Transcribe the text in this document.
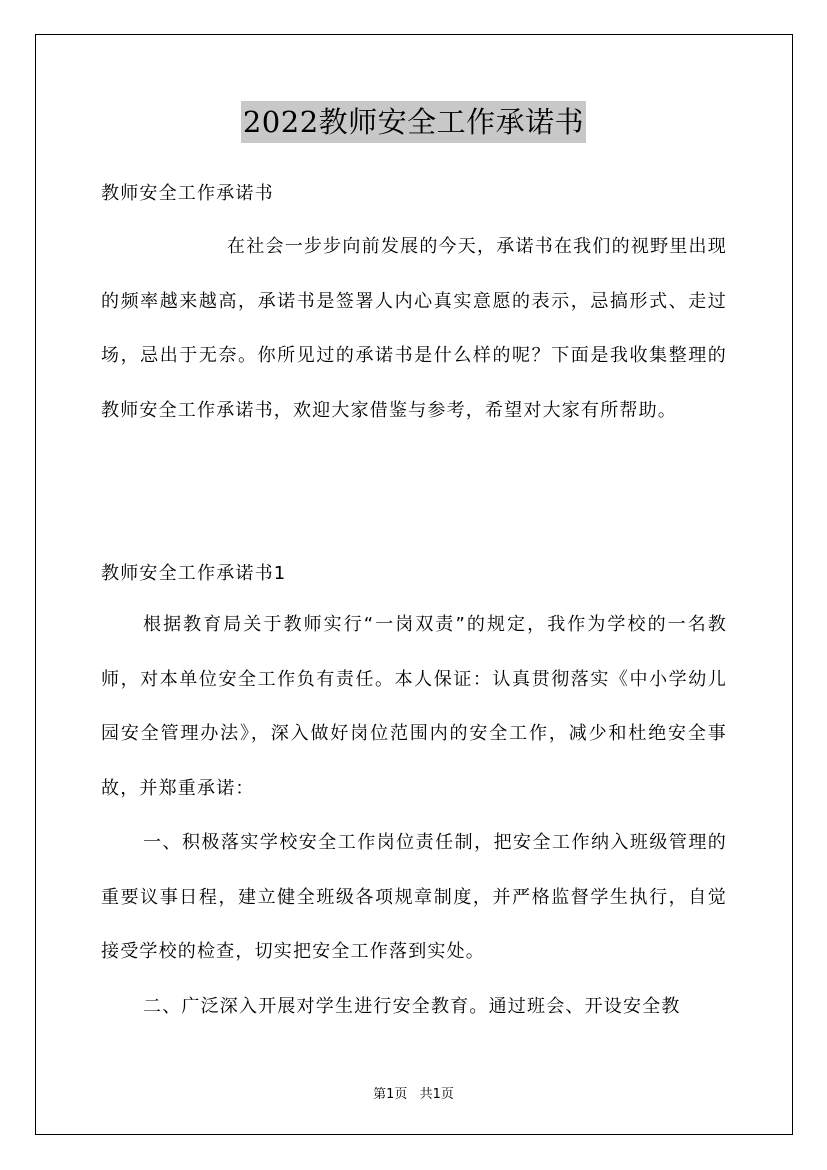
2022教师安全工作承诺书
教师安全工作承诺书

在社会一步步向前发展的今天，承诺书在我们的视野里出现的频率越来越高，承诺书是签署人内心真实意愿的表示，忌搞形式、走过场，忌出于无奈。你所见过的承诺书是什么样的呢？下面是我收集整理的教师安全工作承诺书，欢迎大家借鉴与参考，希望对大家有所帮助。

教师安全工作承诺书1

根据教育局关于教师实行“一岗双责”的规定，我作为学校的一名教师，对本单位安全工作负有责任。本人保证：认真贯彻落实《中小学幼儿园安全管理办法》，深入做好岗位范围内的安全工作，减少和杜绝安全事故，并郑重承诺：

一、积极落实学校安全工作岗位责任制，把安全工作纳入班级管理的重要议事日程，建立健全班级各项规章制度，并严格监督学生执行，自觉接受学校的检查，切实把安全工作落到实处。

二、广泛深入开展对学生进行安全教育。通过班会、开设安全教

第1页 共1页
